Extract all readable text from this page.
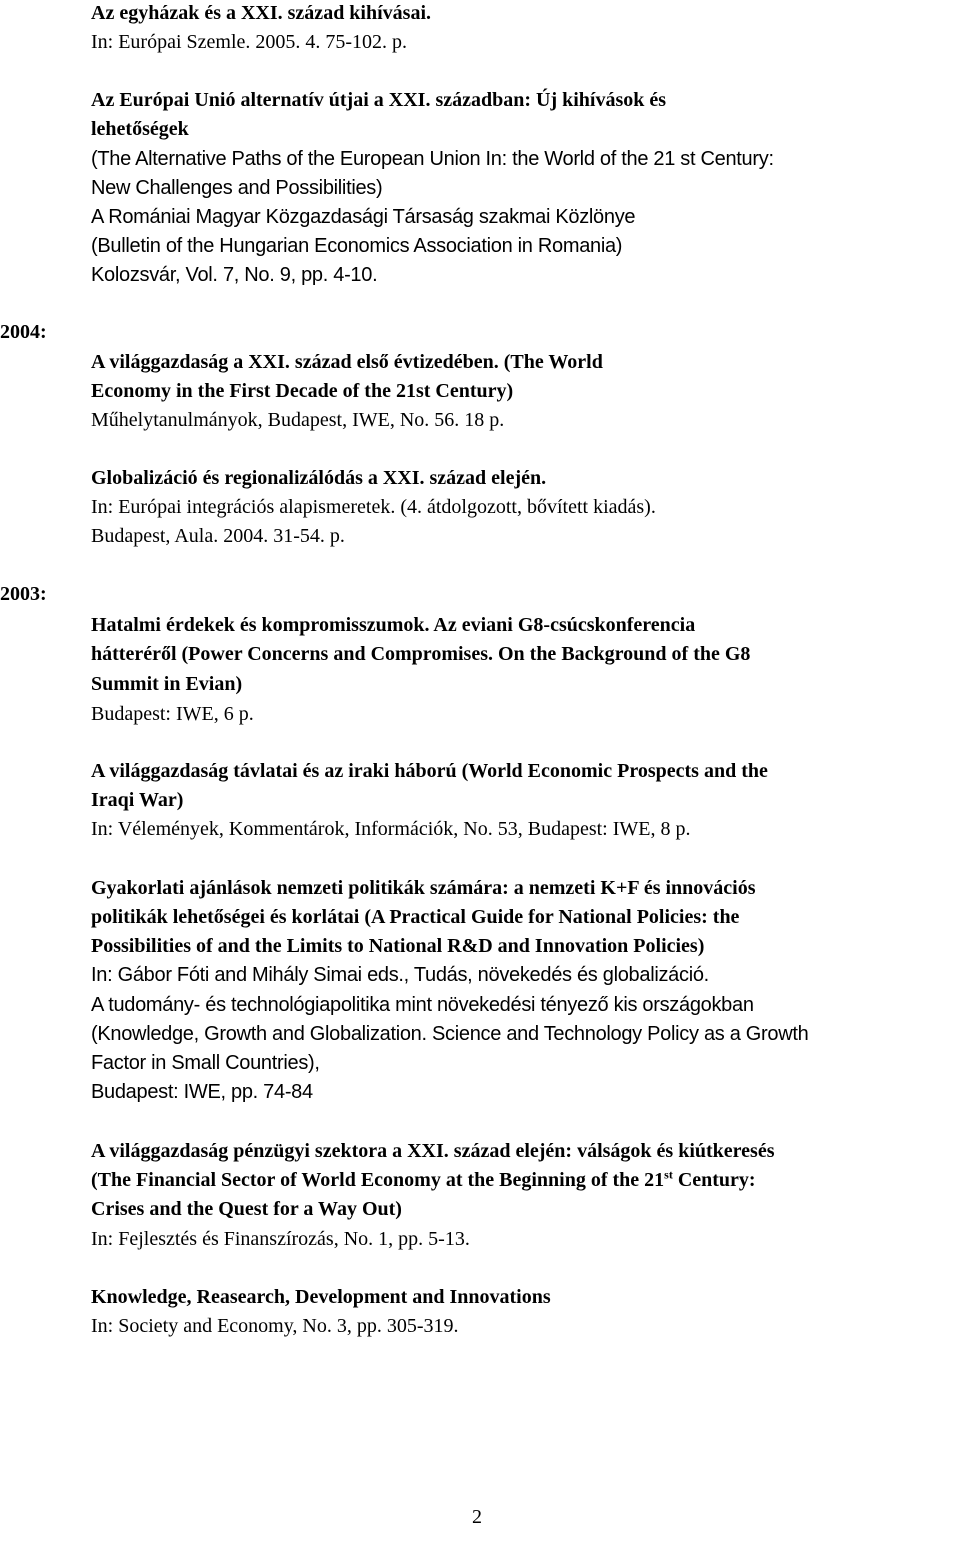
Az egyházak és a XXI. század kihívásai.
In: Európai Szemle. 2005. 4. 75-102. p.
Az Európai Unió alternatív útjai a XXI. században: Új kihívások és
lehetőségek
(The Alternative Paths of the European Union In: the World of the 21 st Century:
New Challenges and Possibilities)
A Romániai Magyar Közgazdasági Társaság szakmai Közlönye
(Bulletin of the Hungarian Economics Association in Romania)
Kolozsvár, Vol. 7, No. 9, pp. 4-10.
2004:
A világgazdaság a XXI. század első évtizedében. (The World
Economy in the First Decade of the 21st Century)
Műhelytanulmányok, Budapest, IWE, No. 56. 18 p.
Globalizáció és regionalizálódás a XXI. század elején.
In: Európai integrációs alapismeretek. (4. átdolgozott, bővített kiadás).
Budapest, Aula. 2004. 31-54. p.
2003:
Hatalmi érdekek és kompromisszumok. Az eviani G8-csúcskonferencia
hátteréről (Power Concerns and Compromises. On the Background of the G8
Summit in Evian)
Budapest: IWE, 6 p.
A világgazdaság távlatai és az iraki háború (World Economic Prospects and the
Iraqi War)
In: Vélemények, Kommentárok, Információk, No. 53, Budapest: IWE, 8 p.
Gyakorlati ajánlások nemzeti politikák számára: a nemzeti K+F és innovációs
politikák lehetőségei és korlátai (A Practical Guide for National Policies: the
Possibilities of and the Limits to National R&D and Innovation Policies)
In: Gábor Fóti and Mihály Simai eds., Tudás, növekedés és globalizáció.
A tudomány- és technológiapolitika mint növekedési tényező kis országokban
(Knowledge, Growth and Globalization. Science and Technology Policy as a Growth
Factor in Small Countries),
Budapest: IWE, pp. 74-84
A világgazdaság pénzügyi szektora a XXI. század elején: válságok és kiútkeresés
(The Financial Sector of World Economy at the Beginning of the 21st Century:
Crises and the Quest for a Way Out)
In: Fejlesztés és Finanszírozás, No. 1, pp. 5-13.
Knowledge, Reasearch, Development and Innovations
In: Society and Economy, No. 3, pp. 305-319.
2
